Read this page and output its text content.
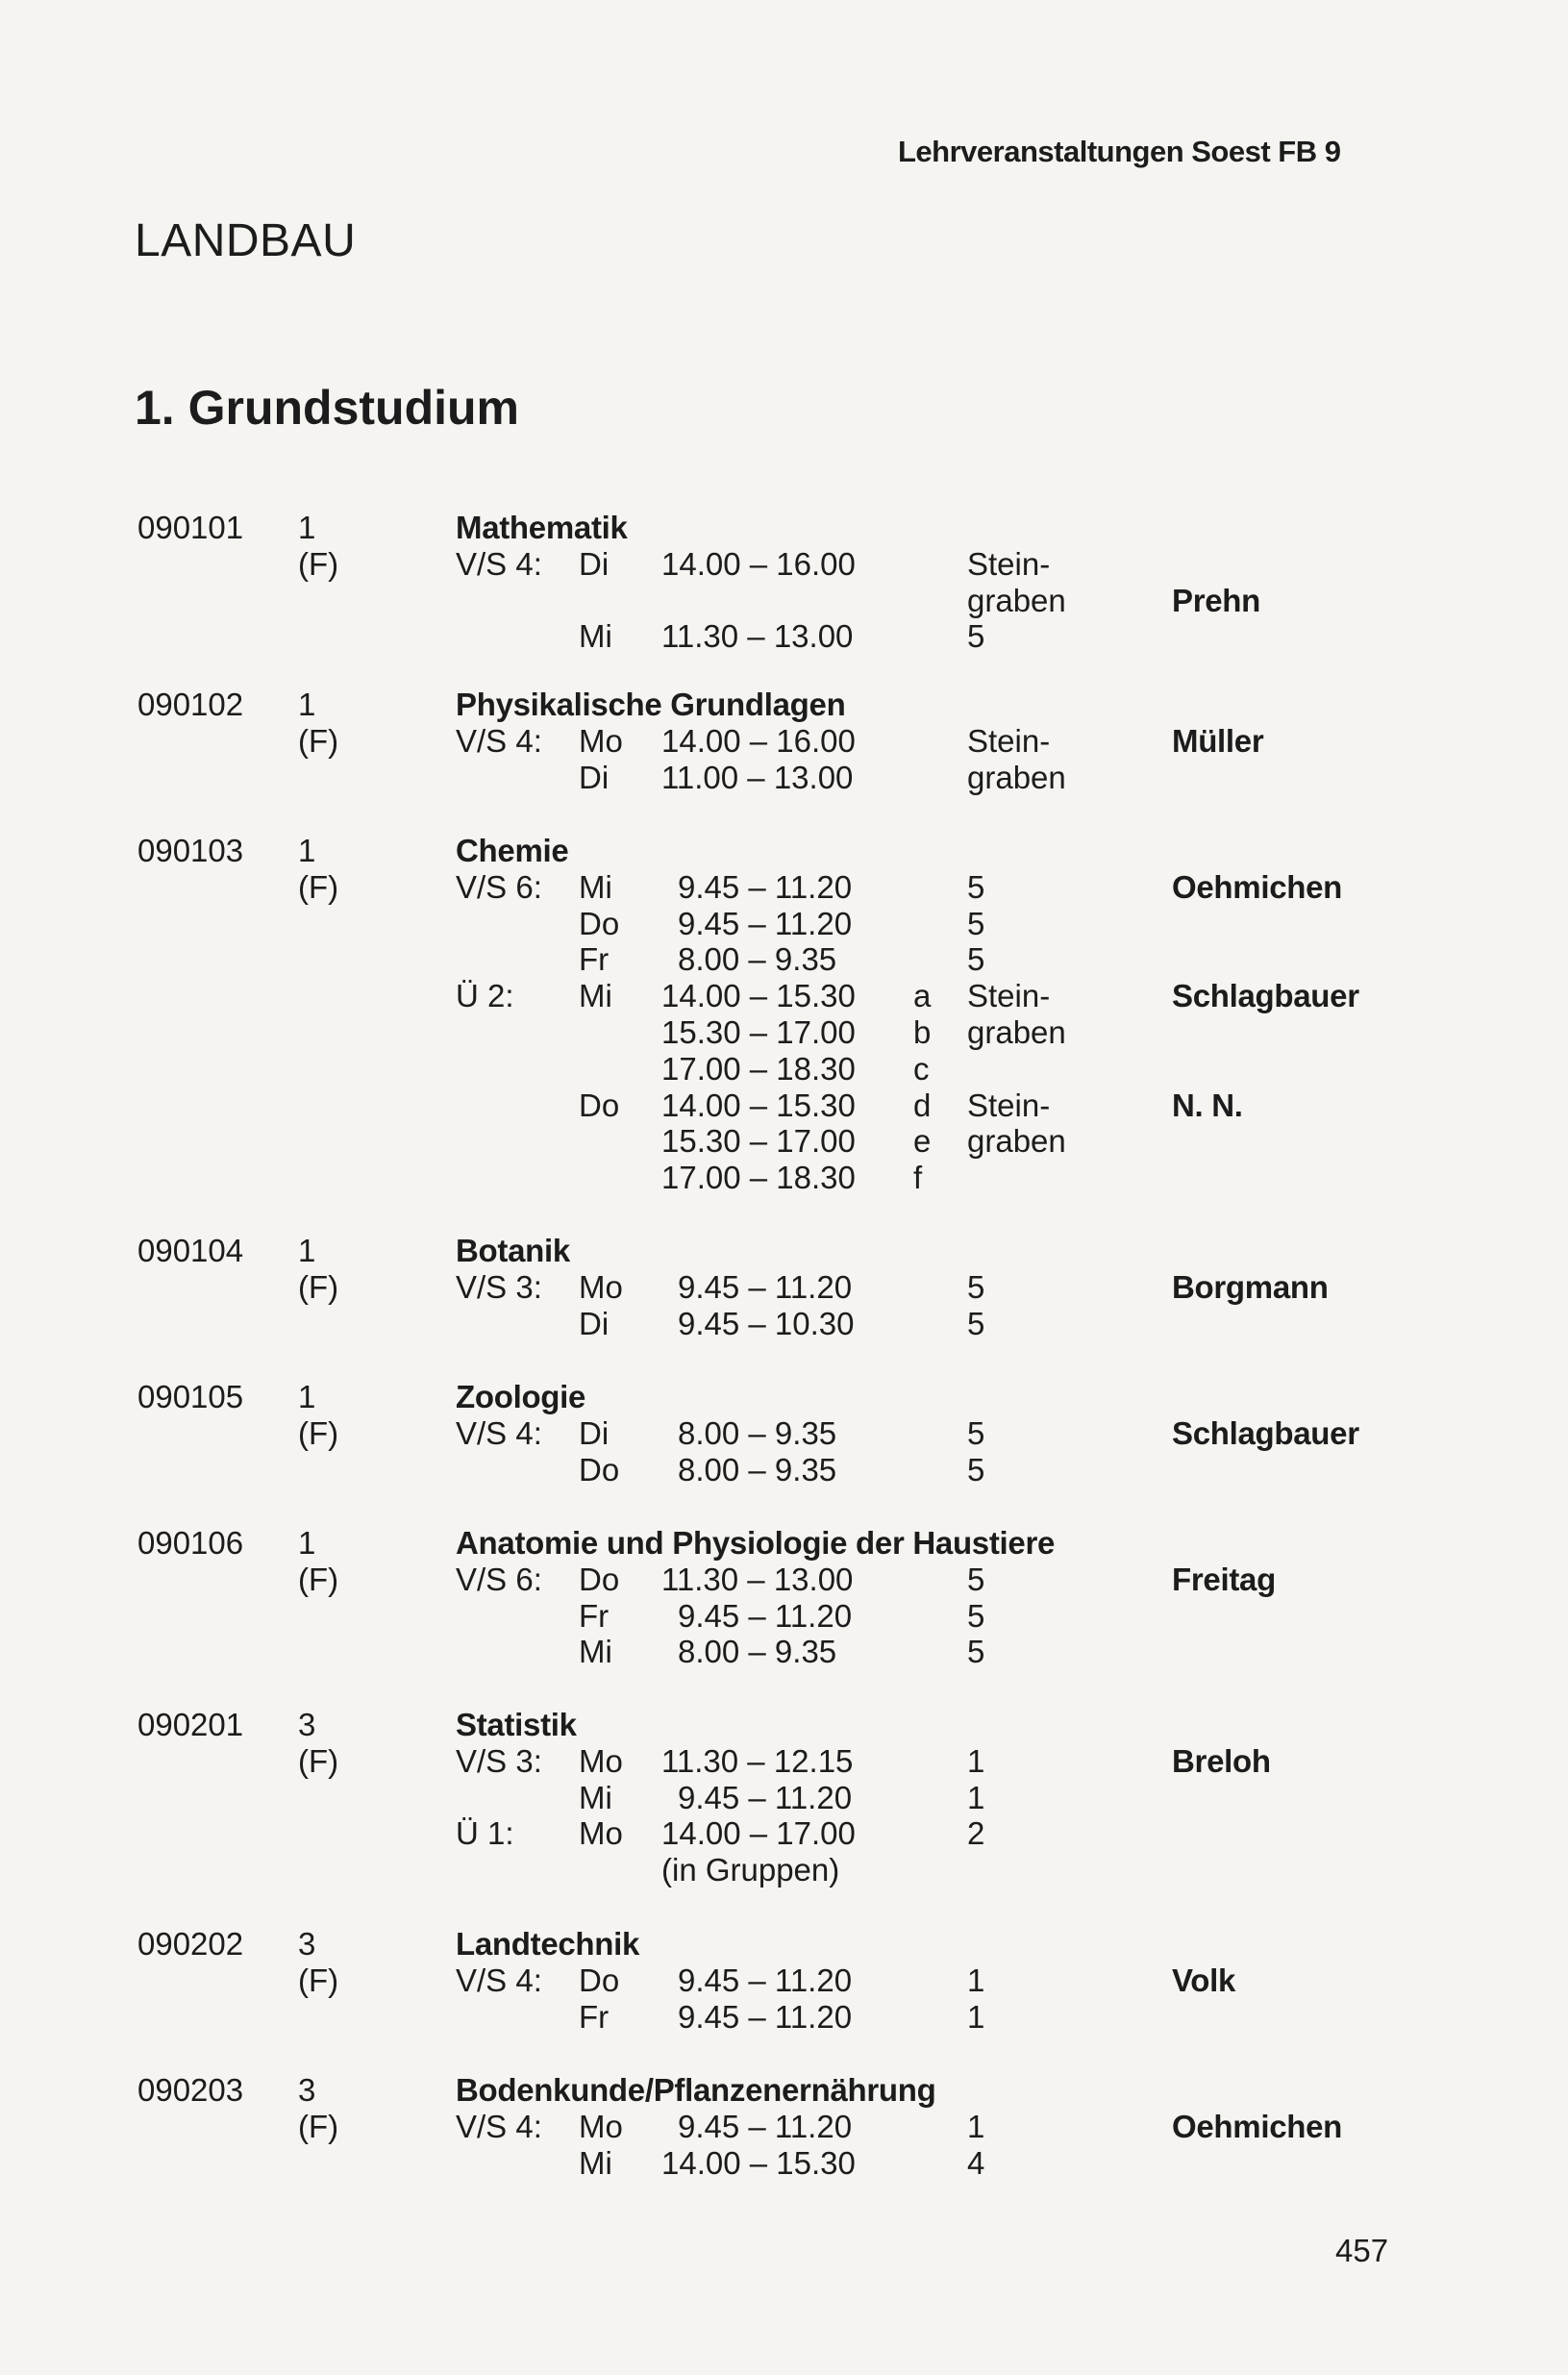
Lehrveranstaltungen Soest FB 9
LANDBAU
1. Grundstudium
090101 1	Mathematik
(F)	V/S 4: Di 14.00 – 16.00	Stein-
graben	Prehn
Mi 11.30 – 13.00	5
090102 1	Physikalische Grundlagen
(F)	V/S 4: Mo 14.00 – 16.00	Stein-	Müller
Di 11.00 – 13.00	graben
090103 1	Chemie
(F)	V/S 6: Mi 9.45 – 11.20	5	Oehmichen
Do 9.45 – 11.20	5
Fr 8.00 – 9.35	5
Ü 2: Mi 14.00 – 15.30 a Stein-	Schlagbauer
15.30 – 17.00 b graben
17.00 – 18.30 c
Do 14.00 – 15.30 d Stein-	N. N.
15.30 – 17.00 e graben
17.00 – 18.30 f
090104 1	Botanik
(F)	V/S 3: Mo 9.45 – 11.20	5	Borgmann
Di 9.45 – 10.30	5
090105 1	Zoologie
(F)	V/S 4: Di 8.00 – 9.35	5	Schlagbauer
Do 8.00 – 9.35	5
090106 1	Anatomie und Physiologie der Haustiere
(F)	V/S 6: Do 11.30 – 13.00	5	Freitag
Fr 9.45 – 11.20	5
Mi 8.00 – 9.35	5
090201 3	Statistik
(F)	V/S 3: Mo 11.30 – 12.15	1	Breloh
Mi 9.45 – 11.20	1
Ü 1: Mo 14.00 – 17.00	2
(in Gruppen)
090202 3	Landtechnik
(F)	V/S 4: Do 9.45 – 11.20	1	Volk
Fr 9.45 – 11.20	1
090203 3	Bodenkunde/Pflanzenernährung
(F)	V/S 4: Mo 9.45 – 11.20	1	Oehmichen
Mi 14.00 – 15.30	4
457
